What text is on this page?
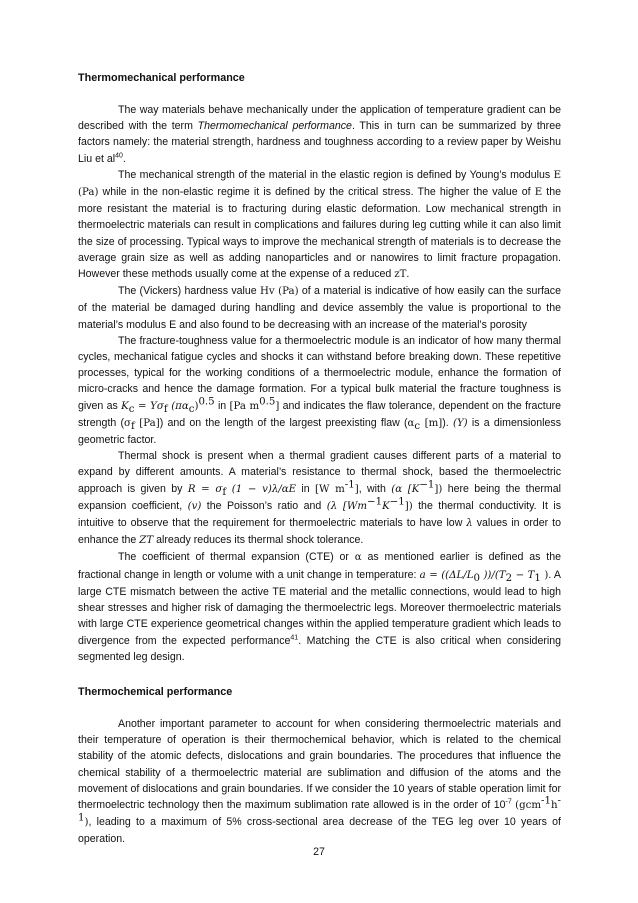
Thermomechanical performance

The way materials behave mechanically under the application of temperature gradient can be described with the term Thermomechanical performance. This in turn can be summarized by three factors namely: the material strength, hardness and toughness according to a review paper by Weishu Liu et $al^{40}$.

The mechanical strength of the material in the elastic region is defined by Young’s modulus E (Pa) while in the non-elastic regime it is defined by the critical stress. The higher the value of E the more resistant the material is to fracturing during elastic deformation. Low mechanical strength in thermoelectric materials can result in complications and failures during leg cutting while it can also limit the size of processing. Typical ways to improve the mechanical strength of materials is to decrease the average grain size as well as adding nanoparticles and or nanowires to limit fracture propagation. However these methods usually come at the expense of a reduced zT.

The (Vickers) hardness value Hv (Pa) of a material is indicative of how easily can the surface of the material be damaged during handling and device assembly the value is proportional to the material’s modulus E and also found to be decreasing with an increase of the material’s porosity

The fracture-toughness value for a thermoelectric module is an indicator of how many thermal cycles, mechanical fatigue cycles and shocks it can withstand before breaking down. These repetitive processes, typical for the working conditions of a thermoelectric module, enhance the formation of micro-cracks and hence the damage formation. For a typical bulk material the fracture toughness is given as $K_c = Y\sigma_f$ $(\pi\alpha_c)^{0.5}$ in [Pa $m^{0.5}$] and indicates the flaw tolerance, dependent on the fracture strength ($\sigma_f$ [Pa]) and on the length of the largest preexisting flaw ($\alpha_c$ [m]). (Y) is a dimensionless geometric factor.

Thermal shock is present when a thermal gradient causes different parts of a material to expand by different amounts. A material’s resistance to thermal shock, based the thermoelectric approach is given by $R = \sigma_f$ (1 − v)λ/αE in [W $m^{-1}$], with (α $[K^{-1}]$) here being the thermal expansion coefficient, (v) the Poisson’s ratio and (λ $[Wm^{-1}K^{-1}]$) the thermal conductivity. It is intuitive to observe that the requirement for thermoelectric materials to have low λ values in order to enhance the ZT already reduces its thermal shock tolerance.

The coefficient of thermal expansion (CTE) or α as mentioned earlier is defined as the fractional change in length or volume with a unit change in temperature: $a = ((\Delta L/L_0$ ))$/(T_2 - T_1$ ). A large CTE mismatch between the active TE material and the metallic connections, would lead to high shear stresses and higher risk of damaging the thermoelectric legs. Moreover thermoelectric materials with large CTE experience geometrical changes within the applied temperature gradient which leads to divergence from the expected performance$^{41}$. Matching the CTE is also critical when considering segmented leg design.

Thermochemical performance

Another important parameter to account for when considering thermoelectric materials and their temperature of operation is their thermochemical behavior, which is related to the chemical stability of the atomic defects, dislocations and grain boundaries. The procedures that influence the chemical stability of a thermoelectric material are sublimation and diffusion of the atoms and the movement of dislocations and grain boundaries. If we consider the 10 years of stable operation limit for thermoelectric technology then the maximum sublimation rate allowed is in the order of $10^{-7}$ $(gcm^{-1}h^{-1})$, leading to a maximum of 5% cross-sectional area decrease of the TEG leg over 10 years of operation.

27
